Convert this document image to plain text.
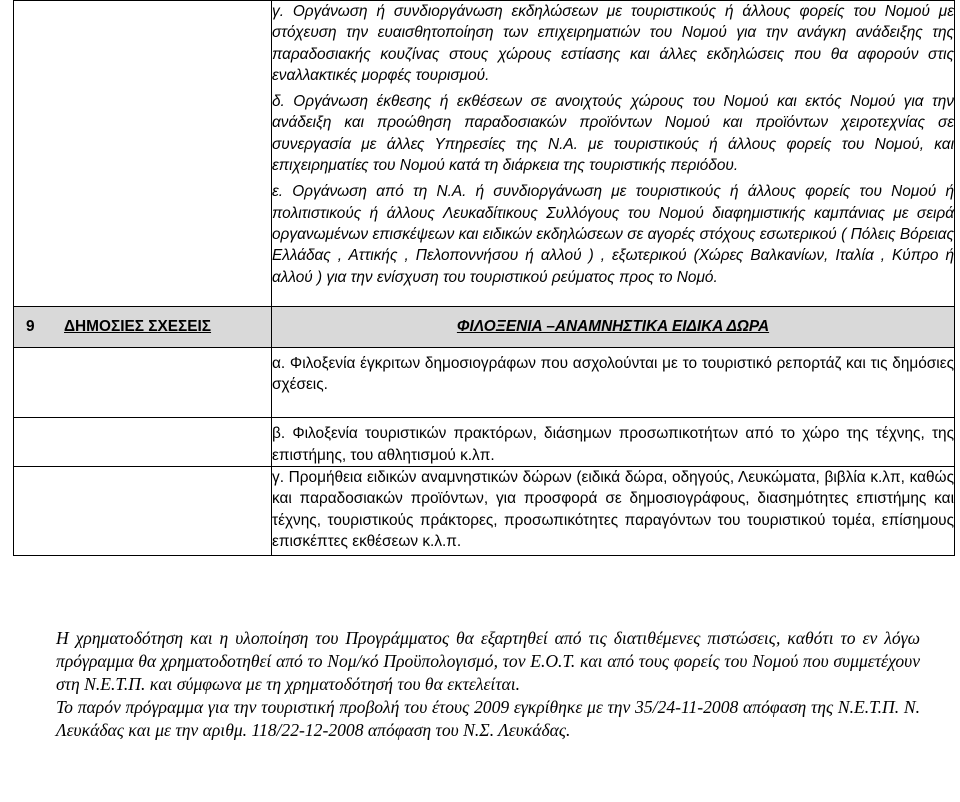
	γ. Οργάνωση ή συνδιοργάνωση εκδηλώσεων με τουριστικούς ή άλλους φορείς του Νομού με στόχευση την ευαισθητοποίηση των επιχειρηματιών του Νομού για την ανάγκη ανάδειξης της παραδοσιακής κουζίνας στους χώρους εστίασης και άλλες εκδηλώσεις που θα αφορούν στις εναλλακτικές μορφές τουρισμού.

δ. Οργάνωση έκθεσης ή εκθέσεων σε ανοιχτούς χώρους του Νομού και εκτός Νομού για την ανάδειξη και προώθηση παραδοσιακών προϊόντων Νομού και προϊόντων χειροτεχνίας σε συνεργασία με άλλες Υπηρεσίες της Ν.Α. με τουριστικούς ή άλλους φορείς του Νομού, και επιχειρηματίες του Νομού κατά τη διάρκεια της τουριστικής περιόδου.

ε. Οργάνωση από τη Ν.Α. ή συνδιοργάνωση με τουριστικούς ή άλλους φορείς του Νομού ή πολιτιστικούς ή άλλους Λευκαδίτικους Συλλόγους του Νομού διαφημιστικής καμπάνιας με σειρά οργανωμένων επισκέψεων και ειδικών εκδηλώσεων σε αγορές στόχους εσωτερικού ( Πόλεις Βόρειας Ελλάδας , Αττικής , Πελοποννήσου ή αλλού ) , εξωτερικού (Χώρες Βαλκανίων, Ιταλία , Κύπρο ή αλλού ) για την ενίσχυση του τουριστικού ρεύματος προς το Νομό.

9 ΔΗΜΟΣΙΕΣ ΣΧΕΣΕΙΣ	ΦΙΛΟΞΕΝΙΑ –ΑΝΑΜΝΗΣΤΙΚΑ ΕΙΔΙΚΑ ΔΩΡΑ

	α. Φιλοξενία έγκριτων δημοσιογράφων που ασχολούνται με το τουριστικό ρεπορτάζ και τις δημόσιες σχέσεις.

	β. Φιλοξενία τουριστικών πρακτόρων, διάσημων προσωπικοτήτων από το χώρο της τέχνης, της επιστήμης, του αθλητισμού κ.λπ.

	γ. Προμήθεια ειδικών αναμνηστικών δώρων (ειδικά δώρα, οδηγούς, Λευκώματα, βιβλία κ.λπ, καθώς και παραδοσιακών προϊόντων, για προσφορά σε δημοσιογράφους, διασημότητες επιστήμης και τέχνης, τουριστικούς πράκτορες, προσωπικότητες παραγόντων του τουριστικού τομέα, επίσημους επισκέπτες εκθέσεων κ.λ.π.

Η χρηματοδότηση και η υλοποίηση του Προγράμματος θα εξαρτηθεί από τις διατιθέμενες πιστώσεις, καθότι το εν λόγω πρόγραμμα θα χρηματοδοτηθεί από το Νομ/κό Προϋπολογισμό, τον Ε.Ο.Τ. και από τους φορείς του Νομού που συμμετέχουν στη Ν.Ε.Τ.Π. και σύμφωνα με τη χρηματοδότησή του θα εκτελείται.

Το παρόν πρόγραμμα για την τουριστική προβολή του έτους 2009 εγκρίθηκε με την 35/24-11-2008 απόφαση της Ν.Ε.Τ.Π. Ν. Λευκάδας και με την αριθμ. 118/22-12-2008 απόφαση του Ν.Σ. Λευκάδας.
